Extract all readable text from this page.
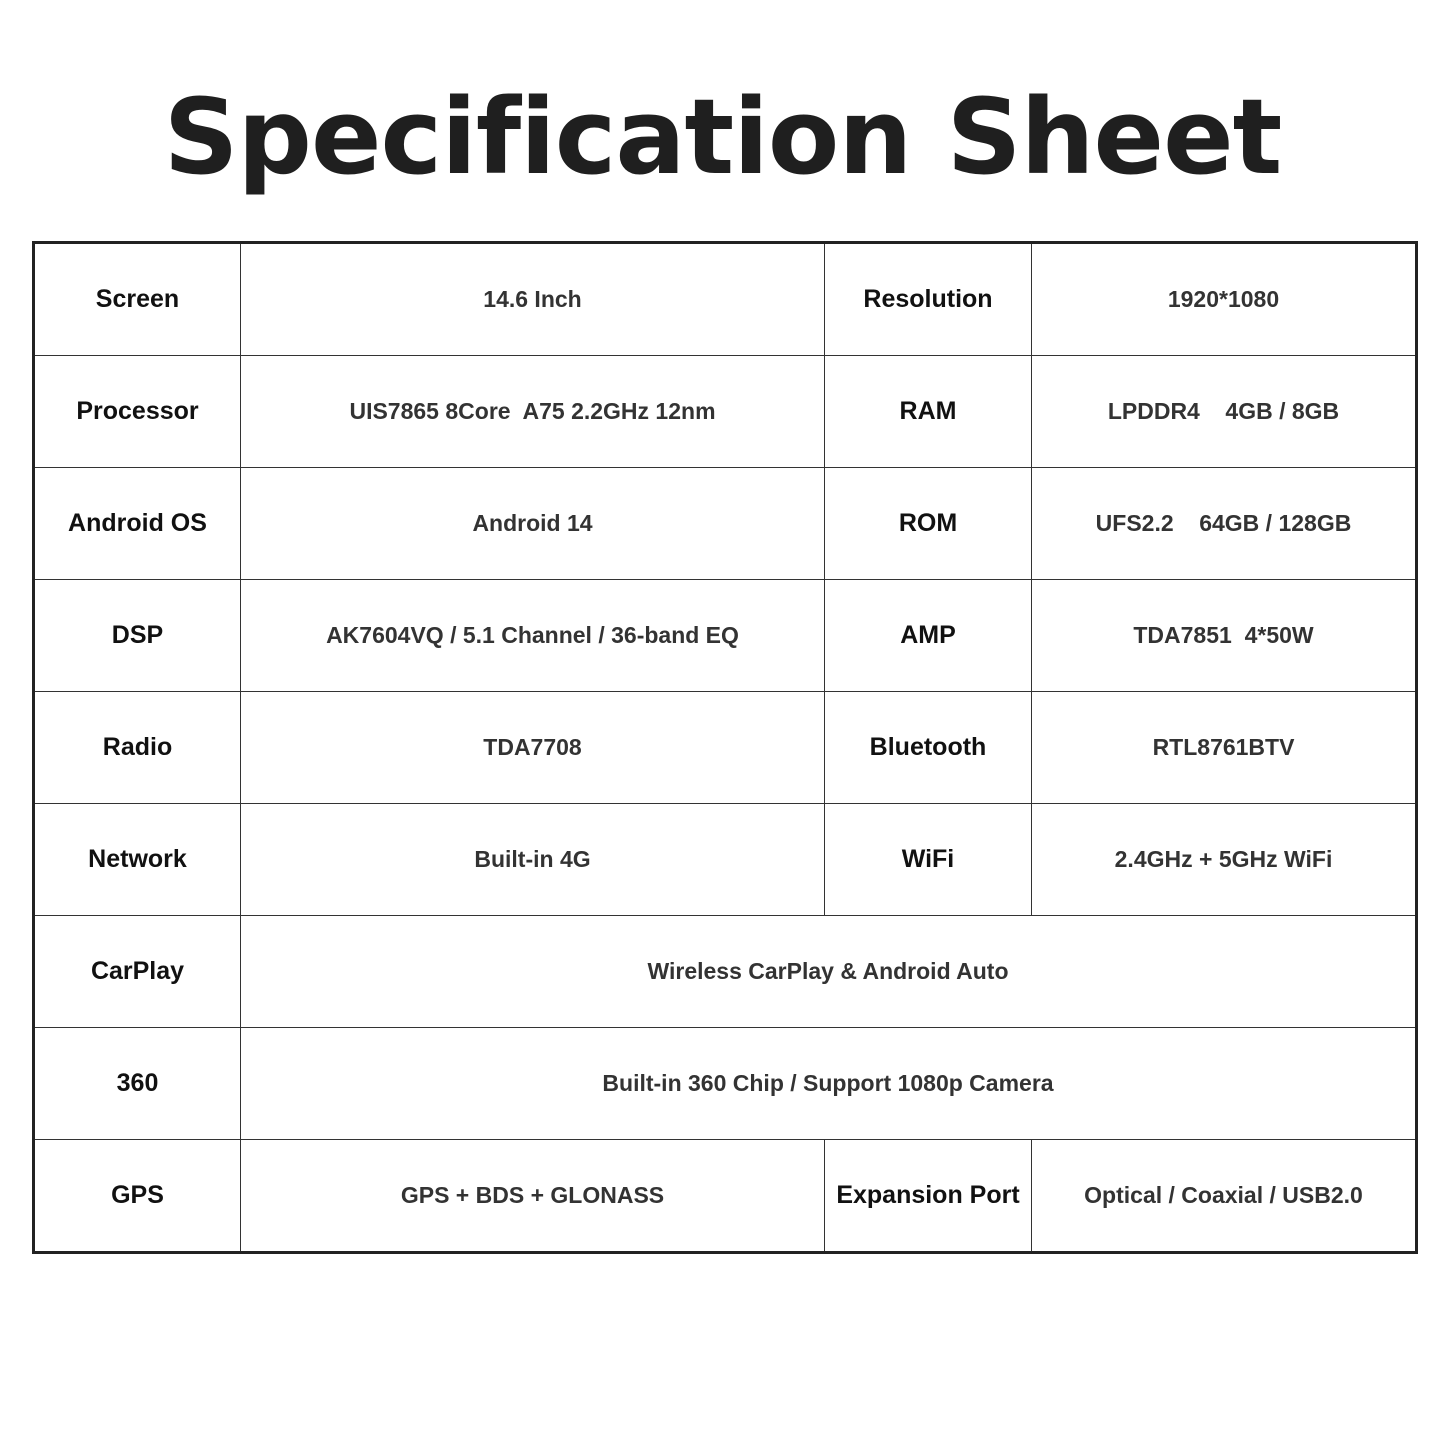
Specification Sheet
Screen	14.6 Inch	Resolution	1920*1080
Processor	UIS7865 8Core  A75 2.2GHz 12nm	RAM	LPDDR4    4GB / 8GB
Android OS	Android 14	ROM	UFS2.2    64GB / 128GB
DSP	AK7604VQ / 5.1 Channel / 36-band EQ	AMP	TDA7851  4*50W
Radio	TDA7708	Bluetooth	RTL8761BTV
Network	Built-in 4G	WiFi	2.4GHz + 5GHz WiFi
CarPlay	Wireless CarPlay & Android Auto		
360	Built-in 360 Chip / Support 1080p Camera		
GPS	GPS + BDS + GLONASS	Expansion Port	Optical / Coaxial / USB2.0
